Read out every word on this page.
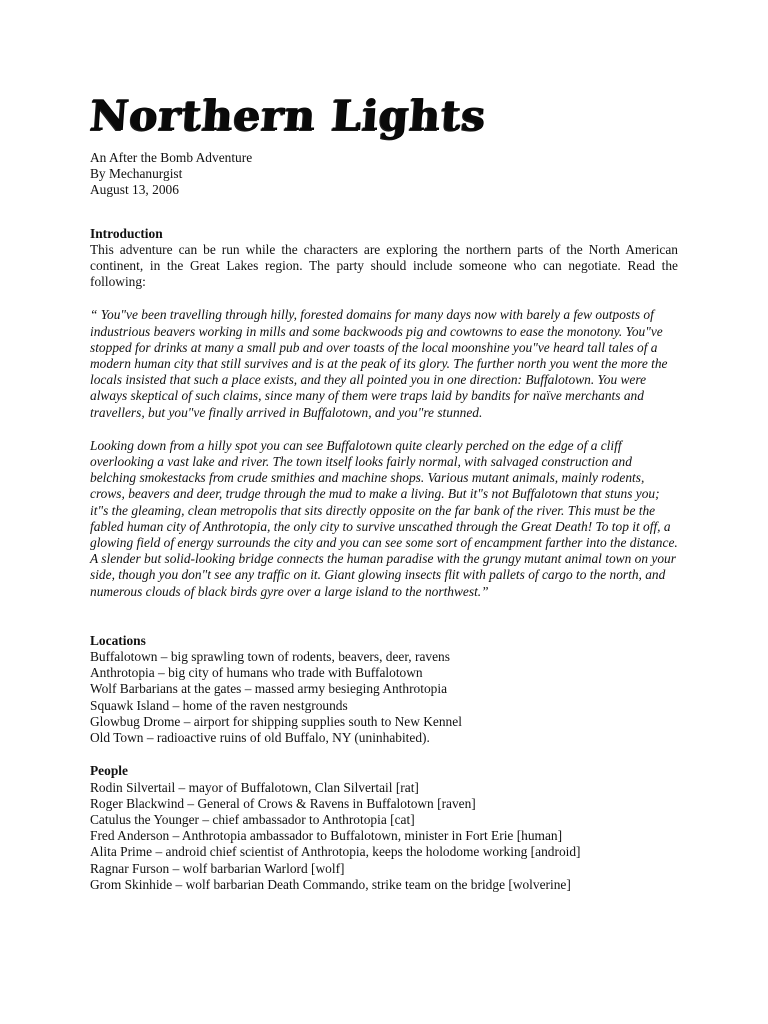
Northern Lights
An After the Bomb Adventure
By Mechanurgist
August 13, 2006
Introduction

This adventure can be run while the characters are exploring the northern parts of the North American continent, in the Great Lakes region. The party should include someone who can negotiate. Read the following:

“ You"ve been travelling through hilly, forested domains for many days now with barely a few outposts of industrious beavers working in mills and some backwoods pig and cowtowns to ease the monotony. You"ve stopped for drinks at many a small pub and over toasts of the local moonshine you"ve heard tall tales of a modern human city that still survives and is at the peak of its glory. The further north you went the more the locals insisted that such a place exists, and they all pointed you in one direction: Buffalotown. You were always skeptical of such claims, since many of them were traps laid by bandits for naïve merchants and travellers, but you"ve finally arrived in Buffalotown, and you"re stunned.

Looking down from a hilly spot you can see Buffalotown quite clearly perched on the edge of a cliff overlooking a vast lake and river. The town itself looks fairly normal, with salvaged construction and belching smokestacks from crude smithies and machine shops. Various mutant animals, mainly rodents, crows, beavers and deer, trudge through the mud to make a living. But it"s not Buffalotown that stuns you; it"s the gleaming, clean metropolis that sits directly opposite on the far bank of the river. This must be the fabled human city of Anthrotopia, the only city to survive unscathed through the Great Death! To top it off, a glowing field of energy surrounds the city and you can see some sort of encampment farther into the distance. A slender but solid-looking bridge connects the human paradise with the grungy mutant animal town on your side, though you don"t see any traffic on it. Giant glowing insects flit with pallets of cargo to the north, and numerous clouds of black birds gyre over a large island to the northwest.”

Locations
Buffalotown – big sprawling town of rodents, beavers, deer, ravens
Anthrotopia – big city of humans who trade with Buffalotown
Wolf Barbarians at the gates – massed army besieging Anthrotopia
Squawk Island – home of the raven nestgrounds
Glowbug Drome – airport for shipping supplies south to New Kennel
Old Town – radioactive ruins of old Buffalo, NY (uninhabited).
People
Rodin Silvertail – mayor of Buffalotown, Clan Silvertail [rat]
Roger Blackwind – General of Crows & Ravens in Buffalotown [raven]
Catulus the Younger – chief ambassador to Anthrotopia [cat]
Fred Anderson – Anthrotopia ambassador to Buffalotown, minister in Fort Erie [human]
Alita Prime – android chief scientist of Anthrotopia, keeps the holodome working [android]
Ragnar Furson – wolf barbarian Warlord [wolf]
Grom Skinhide – wolf barbarian Death Commando, strike team on the bridge [wolverine]
